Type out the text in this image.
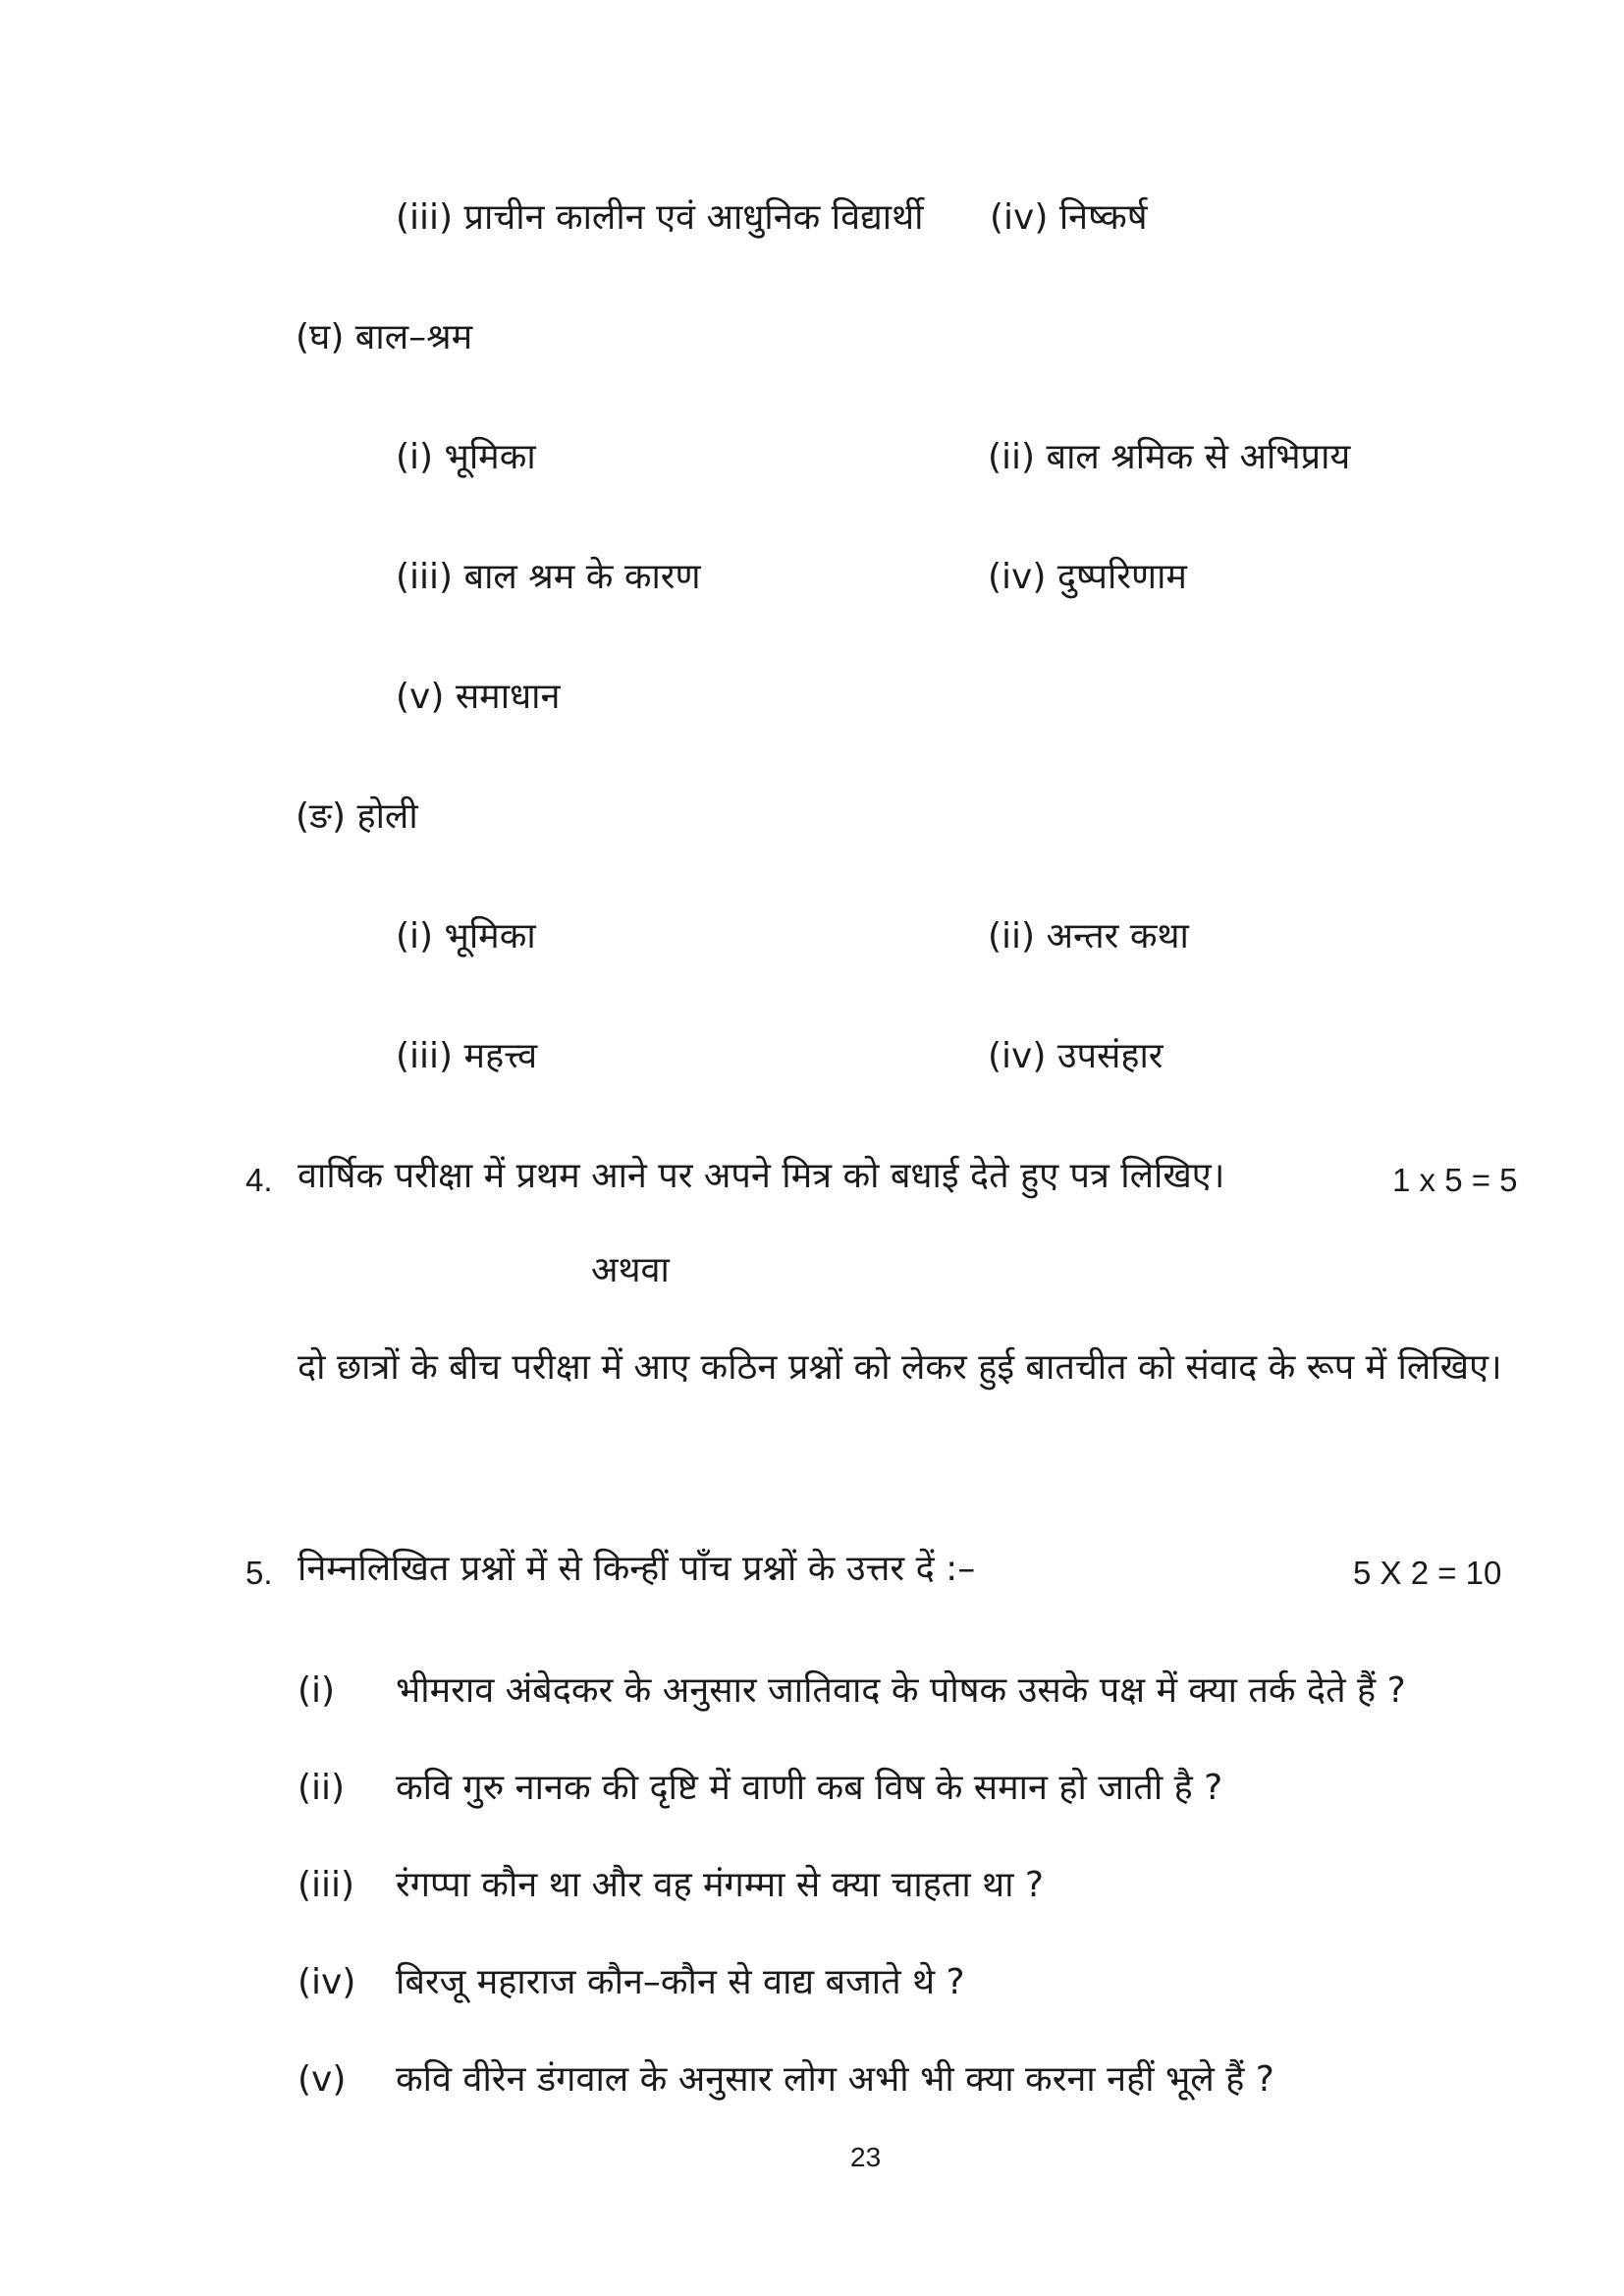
(iii) प्राचीन कालीन एवं आधुनिक विद्यार्थी (iv) निष्कर्ष
(घ) बाल–श्रम
(i) भूमिका	(ii) बाल श्रमिक से अभिप्राय
(iii) बाल श्रम के कारण	(iv) दुष्परिणाम
(v) समाधान
(ङ) होली
(i) भूमिका	(ii) अन्तर कथा
(iii) महत्त्व	(iv) उपसंहार
4. वार्षिक परीक्षा में प्रथम आने पर अपने मित्र को बधाई देते हुए पत्र लिखिए।	1 x 5 = 5
अथवा
दो छात्रों के बीच परीक्षा में आए कठिन प्रश्नों को लेकर हुई बातचीत को संवाद के रूप में लिखिए।
5. निम्नलिखित प्रश्नों में से किन्हीं पाँच प्रश्नों के उत्तर दें :–	5 X 2 = 10
(i) भीमराव अंबेदकर के अनुसार जातिवाद के पोषक उसके पक्ष में क्या तर्क देते हैं ?
(ii) कवि गुरु नानक की दृष्टि में वाणी कब विष के समान हो जाती है ?
(iii) रंगप्पा कौन था और वह मंगम्मा से क्या चाहता था ?
(iv) बिरजू महाराज कौन–कौन से वाद्य बजाते थे ?
(v) कवि वीरेन डंगवाल के अनुसार लोग अभी भी क्या करना नहीं भूले हैं ?
23
